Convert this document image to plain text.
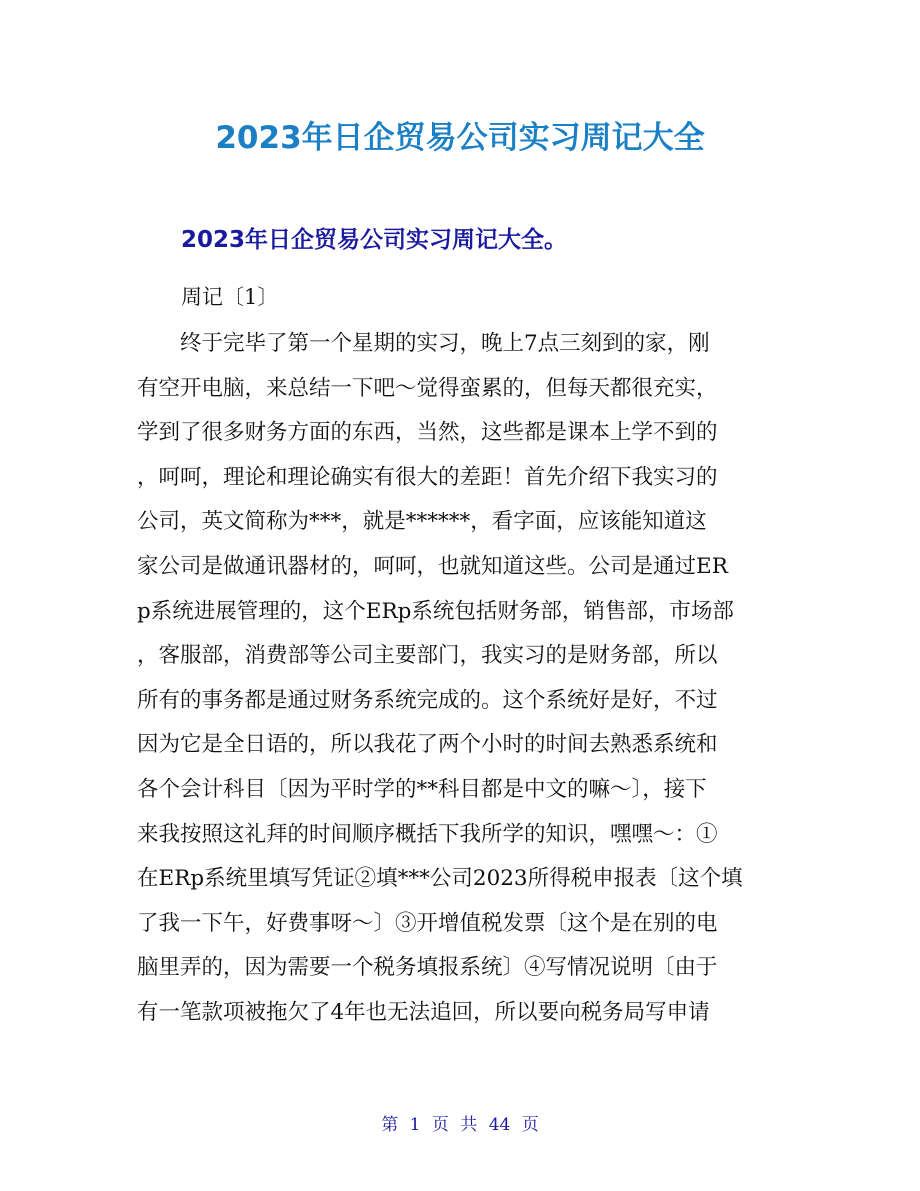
2023年日企贸易公司实习周记大全
2023年日企贸易公司实习周记大全。

周记〔1〕

　　终于完毕了第一个星期的实习，晚上7点三刻到的家，刚
有空开电脑，来总结一下吧～觉得蛮累的，但每天都很充实，
学到了很多财务方面的东西，当然，这些都是课本上学不到的
，呵呵，理论和理论确实有很大的差距！首先介绍下我实习的
公司，英文简称为***，就是******，看字面，应该能知道这
家公司是做通讯器材的，呵呵，也就知道这些。公司是通过ER
p系统进展管理的，这个ERp系统包括财务部，销售部，市场部
，客服部，消费部等公司主要部门，我实习的是财务部，所以
所有的事务都是通过财务系统完成的。这个系统好是好，不过
因为它是全日语的，所以我花了两个小时的时间去熟悉系统和
各个会计科目〔因为平时学的**科目都是中文的嘛～〕，接下
来我按照这礼拜的时间顺序概括下我所学的知识，嘿嘿～：①
在ERp系统里填写凭证②填***公司2023所得税申报表〔这个填
了我一下午，好费事呀～〕③开增值税发票〔这个是在别的电
脑里弄的，因为需要一个税务填报系统〕④写情况说明〔由于
有一笔款项被拖欠了4年也无法追回，所以要向税务局写申请

第 1 页 共 44 页
